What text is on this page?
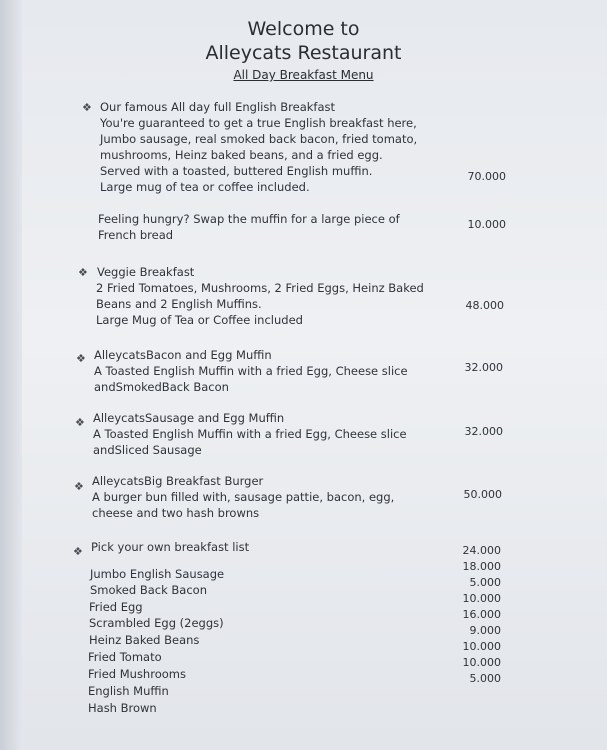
Welcome to
Alleycats Restaurant
All Day Breakfast Menu
❖ Our famous All day full English Breakfast
You're guaranteed to get a true English breakfast here,
Jumbo sausage, real smoked back bacon, fried tomato,
mushrooms, Heinz baked beans, and a fried egg.
Served with a toasted, buttered English muffin.
Large mug of tea or coffee included.
70.000
Feeling hungry? Swap the muffin for a large piece of
French bread
10.000
❖ Veggie Breakfast
2 Fried Tomatoes, Mushrooms, 2 Fried Eggs, Heinz Baked
Beans and 2 English Muffins.
Large Mug of Tea or Coffee included
48.000
❖ AlleycatsBacon and Egg Muffin
A Toasted English Muffin with a fried Egg, Cheese slice
andSmokedBack Bacon
32.000
❖ AlleycatsSausage and Egg Muffin
A Toasted English Muffin with a fried Egg, Cheese slice
andSliced Sausage
32.000
❖ AlleycatsBig Breakfast Burger
A burger bun filled with, sausage pattie, bacon, egg,
cheese and two hash browns
50.000
❖ Pick your own breakfast list
Jumbo English Sausage
Smoked Back Bacon
Fried Egg
Scrambled Egg (2eggs)
Heinz Baked Beans
Fried Tomato
Fried Mushrooms
English Muffin
Hash Brown
24.000
18.000
5.000
10.000
16.000
9.000
10.000
10.000
5.000
